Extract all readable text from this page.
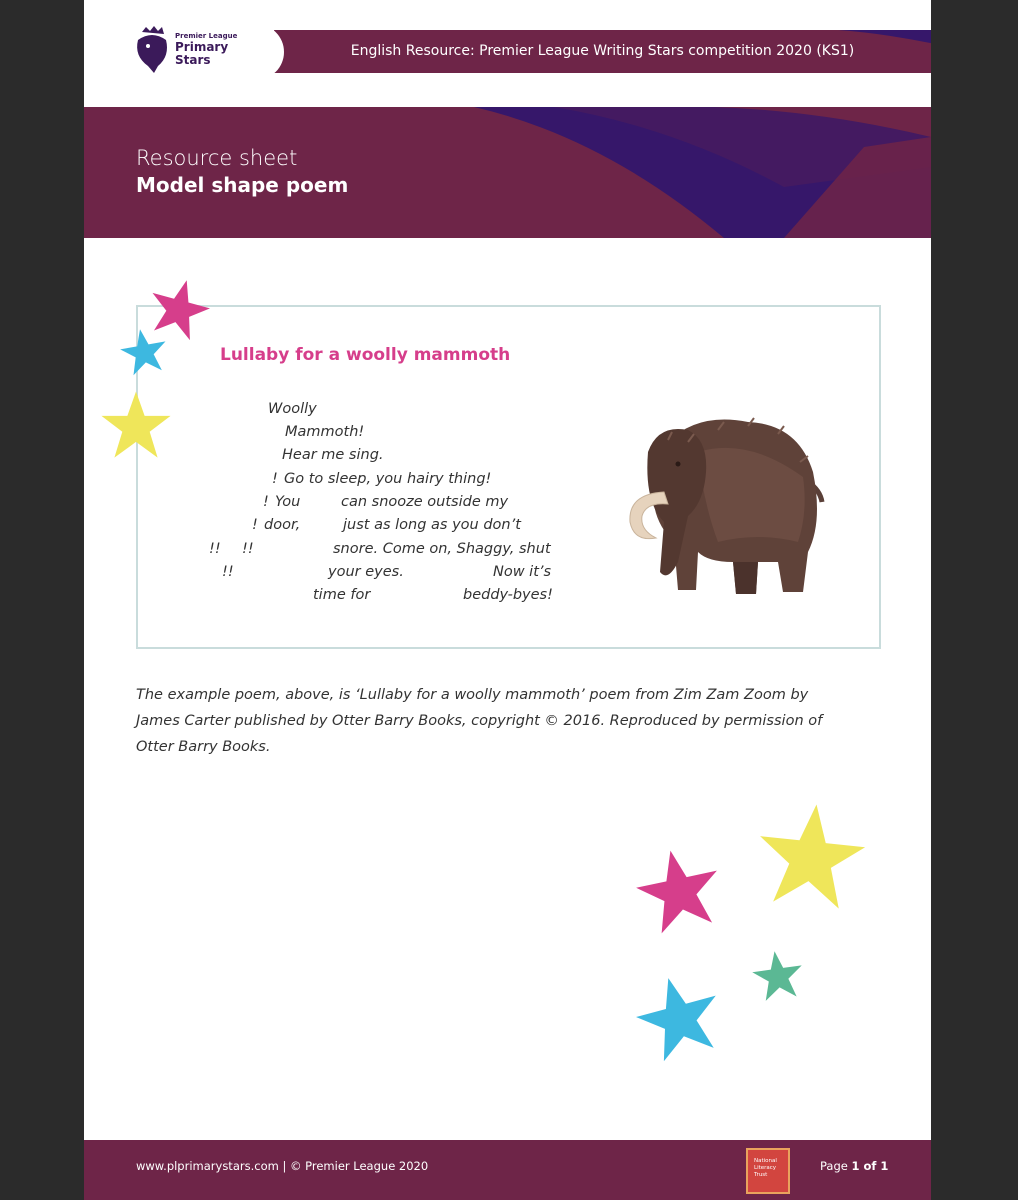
English Resource: Premier League Writing Stars competition 2020 (KS1)
Premier League
Primary
Stars
Resource sheet
Model shape poem
Lullaby for a woolly mammoth
Woolly
Mammoth!
Hear me sing.
! Go to sleep, you hairy thing!
! You	can snooze outside my
! door,	just as long as you don’t
!! !!	snore. Come on, Shaggy, shut
!!	your eyes.	Now it’s
time for	beddy-byes!
The example poem, above, is ‘Lullaby for a woolly mammoth’ poem from Zim Zam Zoom by James Carter published by Otter Barry Books, copyright © 2016. Reproduced by permission of Otter Barry Books.
www.plprimarystars.com | © Premier League 2020	National
Literacy
Trust
Page 1 of 1
